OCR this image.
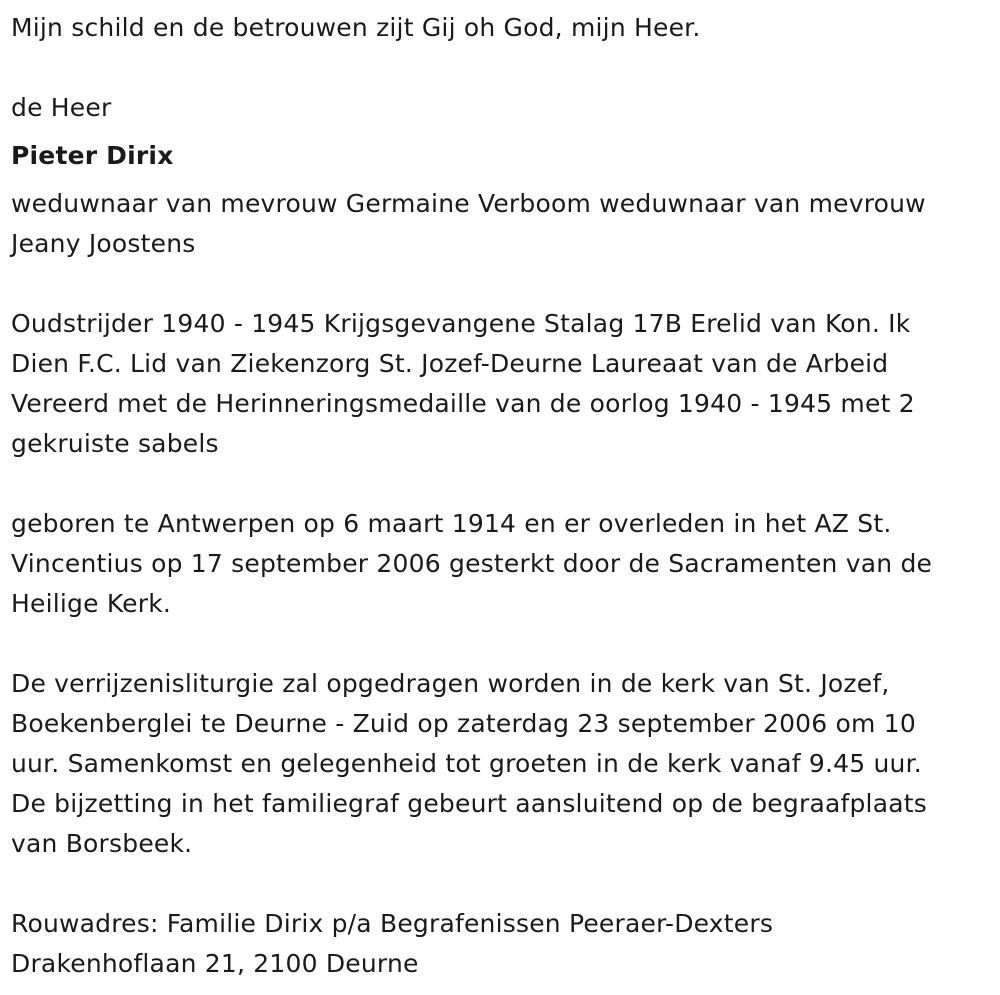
Mijn schild en de betrouwen zijt Gij oh God, mijn Heer.

de Heer

Pieter Dirix

weduwnaar van mevrouw Germaine Verboom weduwnaar van mevrouw

Jeany Joostens

Oudstrijder 1940 - 1945 Krijgsgevangene Stalag 17B Erelid van Kon. Ik

Dien F.C. Lid van Ziekenzorg St. Jozef-Deurne Laureaat van de Arbeid

Vereerd met de Herinneringsmedaille van de oorlog 1940 - 1945 met 2

gekruiste sabels

geboren te Antwerpen op 6 maart 1914 en er overleden in het AZ St.

Vincentius op 17 september 2006 gesterkt door de Sacramenten van de

Heilige Kerk.

De verrijzenisliturgie zal opgedragen worden in de kerk van St. Jozef,

Boekenberglei te Deurne - Zuid op zaterdag 23 september 2006 om 10

uur. Samenkomst en gelegenheid tot groeten in de kerk vanaf 9.45 uur.

De bijzetting in het familiegraf gebeurt aansluitend op de begraafplaats

van Borsbeek.

Rouwadres: Familie Dirix p/a Begrafenissen Peeraer-Dexters

Drakenhoflaan 21, 2100 Deurne
